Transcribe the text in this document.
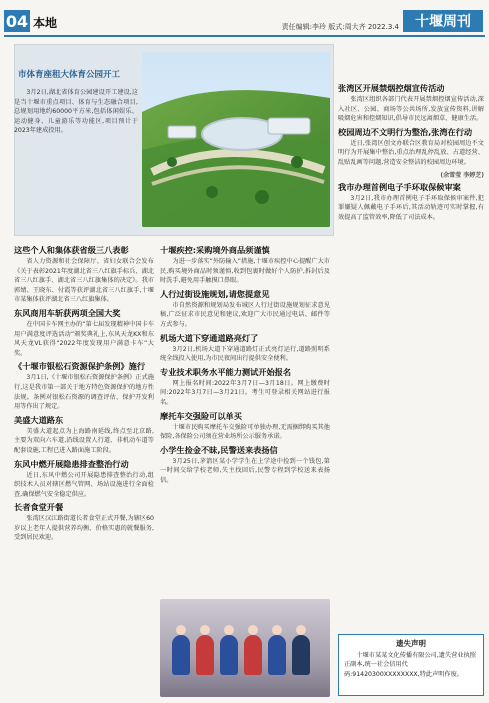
04 本地	责任编辑:李玲 版式:周大齐 2022.3.4	十堰周刊
市体育座租大体育公园开工
3月2日,湖北省体育公园建设开工建设,这是当十堰市重点项目、体育与生态融合项目,总规划用地约60000平方米,包括体闲娱乐、运动健身、儿童游乐等功能区,项目预计于2023年建成投用。
这些个人和集体获省级三八表彰
省人力资源和社会保障厅、省妇女联合会发布《关于表彰2021年度湖北省三八红旗手标兵、湖北省三八红旗手、湖北省三八红旗集体的决定》。我市郭婧、王晓东、付霞等获评湖北省三八红旗手,十堰市某集体获评湖北省三八红旗集体。
东风商用车斩获两项全国大奖
在中国卡车网主办的“第七届发现精神中国卡车用户满意度评选活动”颁奖典礼上,东风天龙KX和东风天龙VL获得“2022年度发现用户满意卡车”大奖。
《十堰市银松石资源保护条例》施行
3月1日,《十堰市银松石资源保护条例》正式施行,这是我市第一部关于地方特色资源保护的地方性法规。条例对银松石资源的调查评估、保护开发利用等作出了规定。
美盛大道路东
美盛大道起点为上海路南延线,终点至北京路,主要为双向六车道,沿线设置人行道、非机动车道等配套设施,工程已进入路面施工阶段。
东风中燃开展隐患排查整治行动
近日,东风中燃公司开展隐患排查整治行动,组织技术人员对辖区燃气管网、场站设施进行全面检查,确保燃气安全稳定供应。
长者食堂开餐
张湾区汉江路街道长者食堂正式开餐,为辖区60岁以上老年人提供营养均衡、价格实惠的就餐服务,受到居民欢迎。
十堰疾控:采购境外商品须谨慎
为进一步落实“外防输入”措施,十堰市疾控中心提醒广大市民,购买境外商品时须谨慎,收到包裹时做好个人防护,拆封后及时洗手,避免用手触摸口鼻眼。
人行过街设施规划,请您提意见
市自然资源和规划局发布城区人行过街设施规划征求意见稿,广泛征求市民意见和建议,欢迎广大市民通过电话、邮件等方式参与。
机场大道下穿通道路亮灯了
3月2日,机场大道下穿通道路灯正式亮灯运行,道路照明系统全线投入使用,为市民夜间出行提供安全便利。
专业技术职务水平能力测试开始报名
网上报名时间:2022年3月7日—3月18日。网上缴费时间:2022年3月7日—3月21日。考生可登录相关网站进行报名。
摩托车交强险可以单买
十堰市民购买摩托车交强险可单独办理,无需捆绑购买其他保险,各保险公司须在营业场所公示服务承诺。
小学生捡金不昧,民警送来表扬信
3月25日,茅箭区某小学学生在上学途中捡到一个钱包,第一时间交给学校老师,失主找回后,民警专程到学校送来表扬信。
张湾区开展禁烟控烟宣传活动
张湾区组织各部门代表开展禁烟控烟宣传活动,深入社区、公园、商场等公共场所,发放宣传资料,讲解吸烟危害和控烟知识,倡导市民远离烟草、健康生活。
校园周边不文明行为整治,张湾在行动
近日,张湾区创文办联合区教育局对校园周边不文明行为开展集中整治,重点治理乱停乱放、占道经营、乱贴乱画等问题,营造安全整洁的校园周边环境。
(余雪莹 李婷芝)
我市办理首例电子手环取保候审案
3月2日,我市办理首例电子手环取保候审案件,犯罪嫌疑人佩戴电子手环后,其活动轨迹可实时掌握,有效提高了监管效率,降低了司法成本。
遗失声明
十堰市某某文化传播有限公司,遗失营业执照正副本,统一社会信用代码:91420300XXXXXXXX,特此声明作废。
